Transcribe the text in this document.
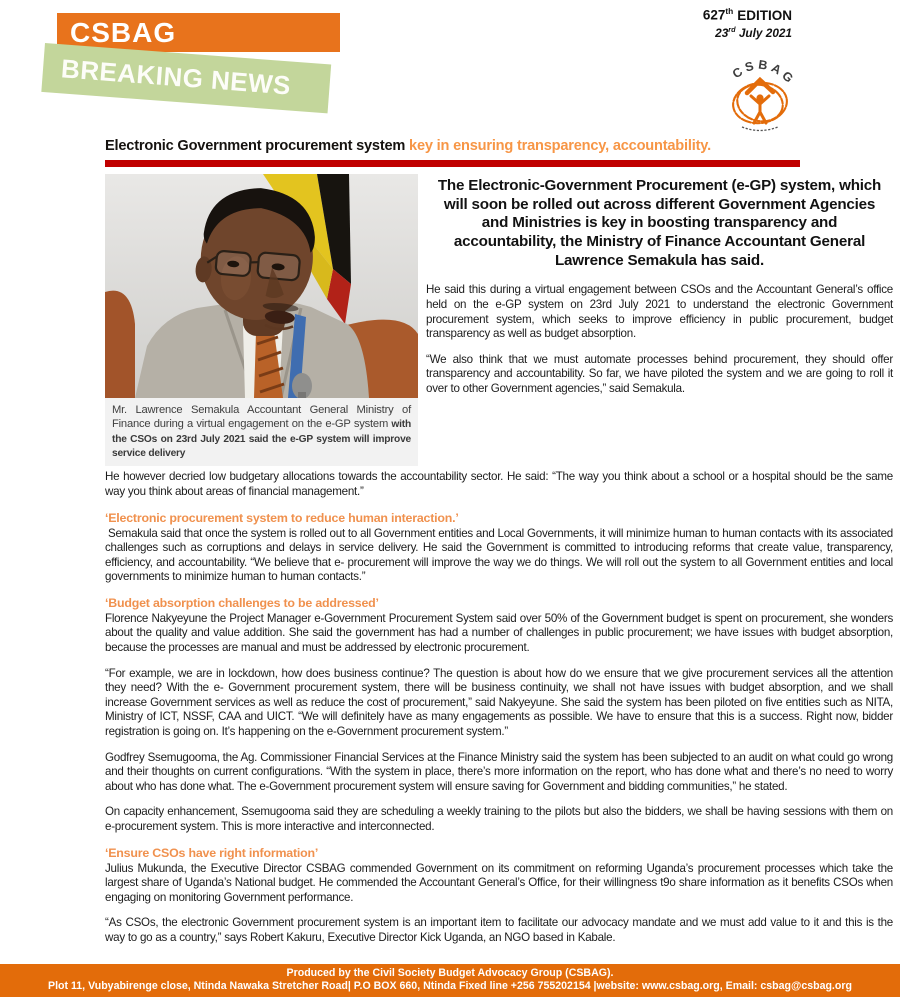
CSBAG
BREAKING NEWS
627th EDITION
23rd July 2021
CSBAG
Electronic Government procurement system key in ensuring transparency, accountability.
Mr. Lawrence Semakula Accountant General Ministry of Finance during a virtual engagement on the e-GP system with the CSOs on 23rd July 2021 said the e-GP system will improve service delivery

The Electronic-Government Procurement (e-GP) system, which will soon be rolled out across different Government Agencies and Ministries is key in boosting transparency and accountability, the Ministry of Finance Accountant General Lawrence Semakula has said.

He said this during a virtual engagement between CSOs and the Accountant General’s office held on the e-GP system on 23rd July 2021 to understand the electronic Government procurement system, which seeks to improve efficiency in public procurement, budget transparency as well as budget absorption.

“We also think that we must automate processes behind procurement, they should offer transparency and accountability. So far, we have piloted the system and we are going to roll it over to other Government agencies,” said Semakula.

He however decried low budgetary allocations towards the accountability sector. He said: “The way you think about a school or a hospital should be the same way you think about areas of financial management.”

‘Electronic procurement system to reduce human interaction.’

Semakula said that once the system is rolled out to all Government entities and Local Governments, it will minimize human to human contacts with its associated challenges such as corruptions and delays in service delivery. He said the Government is committed to introducing reforms that create value, transparency, efficiency, and accountability. “We believe that e- procurement will improve the way we do things. We will roll out the system to all Government entities and local governments to minimize human to human contacts.”

‘Budget absorption challenges to be addressed’

Florence Nakyeyune the Project Manager e-Government Procurement System said over 50% of the Government budget is spent on procurement, she wonders about the quality and value addition. She said the government has had a number of challenges in public procurement; we have issues with budget absorption, because the processes are manual and must be addressed by electronic procurement.

“For example, we are in lockdown, how does business continue? The question is about how do we ensure that we give procurement services all the attention they need? With the e- Government procurement system, there will be business continuity, we shall not have issues with budget absorption, and we shall increase Government services as well as reduce the cost of procurement,” said Nakyeyune. She said the system has been piloted on five entities such as NITA, Ministry of ICT, NSSF, CAA and UICT. “We will definitely have as many engagements as possible. We have to ensure that this is a success. Right now, bidder registration is going on. It’s happening on the e-Government procurement system.”

Godfrey Ssemugooma, the Ag. Commissioner Financial Services at the Finance Ministry said the system has been subjected to an audit on what could go wrong and their thoughts on current configurations. “With the system in place, there’s more information on the report, who has done what and there’s no need to worry about who has done what. The e-Government procurement system will ensure saving for Government and bidding communities,” he stated.

On capacity enhancement, Ssemugooma said they are scheduling a weekly training to the pilots but also the bidders, we shall be having sessions with them on e-procurement system. This is more interactive and interconnected.

‘Ensure CSOs have right information’

Julius Mukunda, the Executive Director CSBAG commended Government on its commitment on reforming Uganda’s procurement processes which take the largest share of Uganda’s National budget. He commended the Accountant General’s Office, for their willingness t9o share information as it benefits CSOs when engaging on monitoring Government performance.

“As CSOs, the electronic Government procurement system is an important item to facilitate our advocacy mandate and we must add value to it and this is the way to go as a country,” says Robert Kakuru, Executive Director Kick Uganda, an NGO based in Kabale.

Produced by the Civil Society Budget Advocacy Group (CSBAG).
Plot 11, Vubyabirenge close, Ntinda Nawaka Stretcher Road| P.O BOX 660, Ntinda Fixed line +256 755202154 |website: www.csbag.org, Email: csbag@csbag.org
